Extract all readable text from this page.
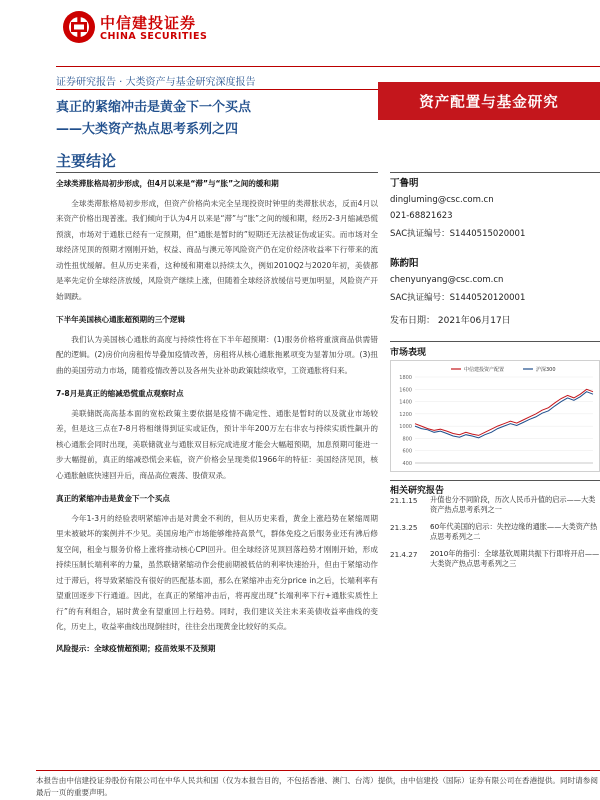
中信建投证券
CHINA SECURITIES
证券研究报告 · 大类资产与基金研究深度报告
真正的紧缩冲击是黄金下一个买点
——大类资产热点思考系列之四
资产配置与基金研究
主要结论
全球类滞胀格局初步形成，但4月以来是“滞”与“胀”之间的缓和期
全球类滞胀格局初步形成，但资产价格尚未完全呈现投资时钟里的类滞胀状态，反而4月以来资产价格出现普涨。我们倾向于认为4月以来是“滞”与“胀”之间的缓和期，经历2-3月缩减恐慌预演，市场对于通胀已经有一定预期，但“通胀是暂时的”短期还无法被证伪或证实。而市场对全球经济见顶的预期才刚刚开始，权益、商品与澳元等风险资产仍在定价经济收益率下行带来的流动性扭忧缓解。但从历史来看，这种缓和期难以持续太久，例如2010Q2与2020年初，美债都是率先定价全球经济放缓，风险资产继续上涨，但随着全球经济放缓信号更加明显，风险资产开始调跌。
下半年美国核心通胀超预期的三个逻辑
我们认为美国核心通胀的高度与持续性将在下半年超预期：(1)服务价格将重演商品供需错配的逻辑。(2)房价向房租传导叠加疫情改善，房租将从核心通胀拖累项变为显著加分项。(3)扭曲的美国劳动力市场，随着疫情改善以及各州失业补助政策陆续收窄，工资通胀将归来。
7-8月是真正的缩减恐慌重点观察时点
美联储既高高基本面的宽松政策主要依据是疫情不确定性、通胀是暂时的以及就业市场较差，但是这三点在7-8月将相继得到证实或证伪，预计半年200万左右非农与持续实质性飙升的核心通胀会同时出现，美联储就业与通胀双目标完成进度才能会大幅超预期，加息预期可能进一步大幅提前，真正的缩减恐慌会来临，资产价格会呈现类似1966年的特征：美国经济见顶，核心通胀触底快速回升后，商品高位震荡、股债双杀。
真正的紧缩冲击是黄金下一个买点
今年1-3月的经验表明紧缩冲击是对黄金不利的，但从历史来看，黄金上涨趋势在紧缩周期里未被破坏的案例并不少见。美国房地产市场能够维持高景气，群体免疫之后服务业还有沸后修复空间，租金与服务价格上涨将推动核心CPI回升。但全球经济见顶回落趋势才刚刚开始，形成持续压制长端利率的力量，虽然联储紧缩动作会使前期被低估的利率快速抬升，但由于紧缩动作过于滞后，将导致紧缩没有很好的匹配基本面，那么在紧缩冲击充分price in之后，长端利率有望重回逐步下行通道。因此，在真正的紧缩冲击后，将再度出现“长端利率下行+通胀实质性上行”的有利组合，届时黄金有望重回上行趋势。同时，我们建议关注未来美债收益率曲线的变化，历史上，收益率曲线出现倒挂时，往往会出现黄金比较好的买点。
风险提示：全球疫情超预期；疫苗效果不及预期
丁鲁明
dingluming@csc.com.cn
021-68821623
SAC执证编号：S1440515020001
陈韵阳
chenyunyang@csc.com.cn
SAC执证编号：S1440520120001
发布日期： 2021年06月17日
市场表现
400
600
800
1000
1200
1400
1600
1800
中信建投资产配置	沪深300
相关研究报告
21.1.15	升值也分不同阶段，历次人民币升值的启示——大类资产热点思考系列之一
21.3.25	60年代美国的启示：失控边缘的通胀——大类资产热点思考系列之二
21.4.27	2010年的指引：全球基钦周期共振下行即将开启——大类资产热点思考系列之三
本报告由中信建投证券股份有限公司在中华人民共和国（仅为本报告目的，不包括香港、澳门、台湾）提供，由中信建投（国际）证券有限公司在香港提供。同时请参阅最后一页的重要声明。
